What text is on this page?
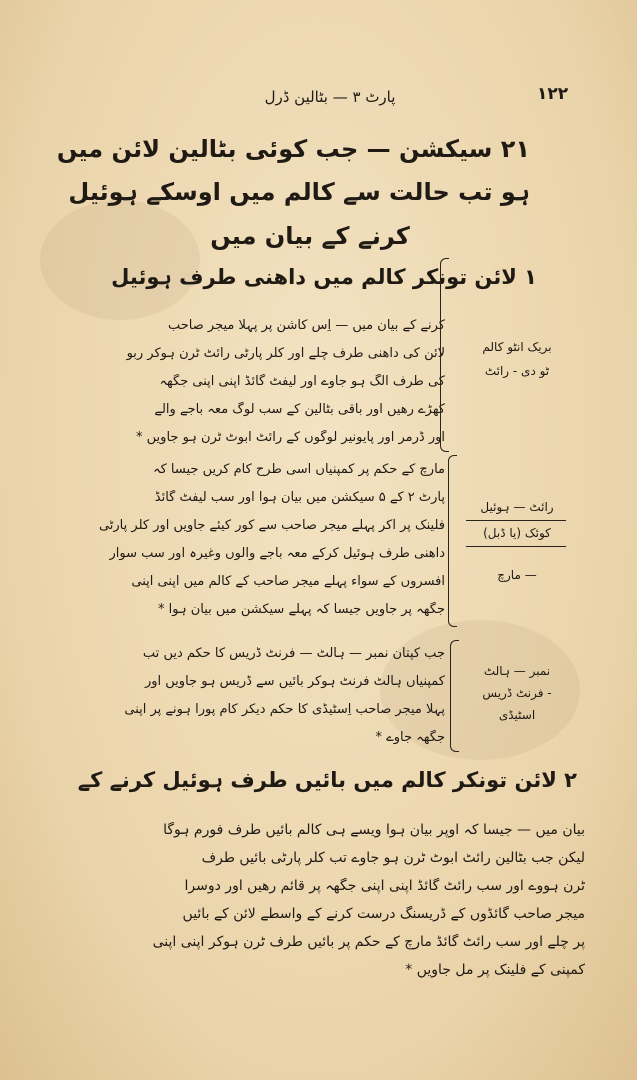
۱۲۲
پارٹ ۳ — بٹالین ڈرل
۲۱ سیکشن — جب کوئی بٹالین لائن میں
ہو تب حالت سے کالم میں اوسکے ہوئیل
کرنے کے بیان میں
۱ لائن تونکر کالم میں داھنی طرف ہوئیل
کرنے کے بیان میں — اِس کاشن پر پہلا میجر صاحب
لائن کی داھنی طرف چلے اور کلر پارٹی رائٹ ٹرن ہوکر ربو
کی طرف الگ ہو جاوے اور لیفٹ گائڈ اپنی اپنی جگھہ
کھڑے رھیں اور باقی بٹالین کے سب لوگ معہ باجے والے
اور ڈرمر اور پایونیر لوگوں کے رائٹ ابوٹ ٹرن ہو جاویں *
بریک انٹو کالم
ٹو دی - رائٹ
مارچ کے حکم پر کمپنیاں اُسی طرح کام کریں جیسا کہ
پارٹ ۲ کے ۵ سیکشن میں بیان ہوا اور سب لیفٹ گائڈ
فلینک پر آکر پہلے میجر صاحب سے کور کیئے جاویں اور کلر پارٹی
داھنی طرف ہوئیل کرکے معہ باجے والوں وغیرہ اور سب سوار
افسروں کے سواء پہلے میجر صاحب کے کالم میں اپنی اپنی
جگھہ پر جاویں جیسا کہ پہلے سیکشن میں بیان ہوا *
رائٹ — ہوئیل
کوئک (یا ڈبل)
— مارچ
جب کپتان نمبر — ہالٹ — فرنٹ ڈریس کا حکم دیں تب
کمپنیاں ہالٹ فرنٹ ہوکر بائیں سے ڈریس ہو جاویں اور
پہلا میجر صاحب اِسٹیڈی کا حکم دیکر کام پورا ہونے پر اپنی
جگھہ جاوے *
نمبر — ہالٹ
- فرنٹ ڈریس
اسٹیڈی
۲ لائن تونکر کالم میں بائیں طرف ہوئیل کرنے کے
بیان میں — جیسا کہ اوپر بیان ہوا ویسے ہی کالم بائیں طرف فورم ہوگا
لیکن جب بٹالین رائٹ ابوٹ ٹرن ہو جاوے تب کلر پارٹی بائیں طرف
ٹرن ہووے اور سب رائٹ گائڈ اپنی اپنی جگھہ پر قائم رھیں اور دوسرا
میجر صاحب گائڈوں کے ڈریسنگ درست کرنے کے واسطے لائن کے بائیں
پر چلے اور سب رائٹ گائڈ مارچ کے حکم پر بائیں طرف ٹرن ہوکر اپنی اپنی
کمپنی کے فلینک پر مل جاویں *
